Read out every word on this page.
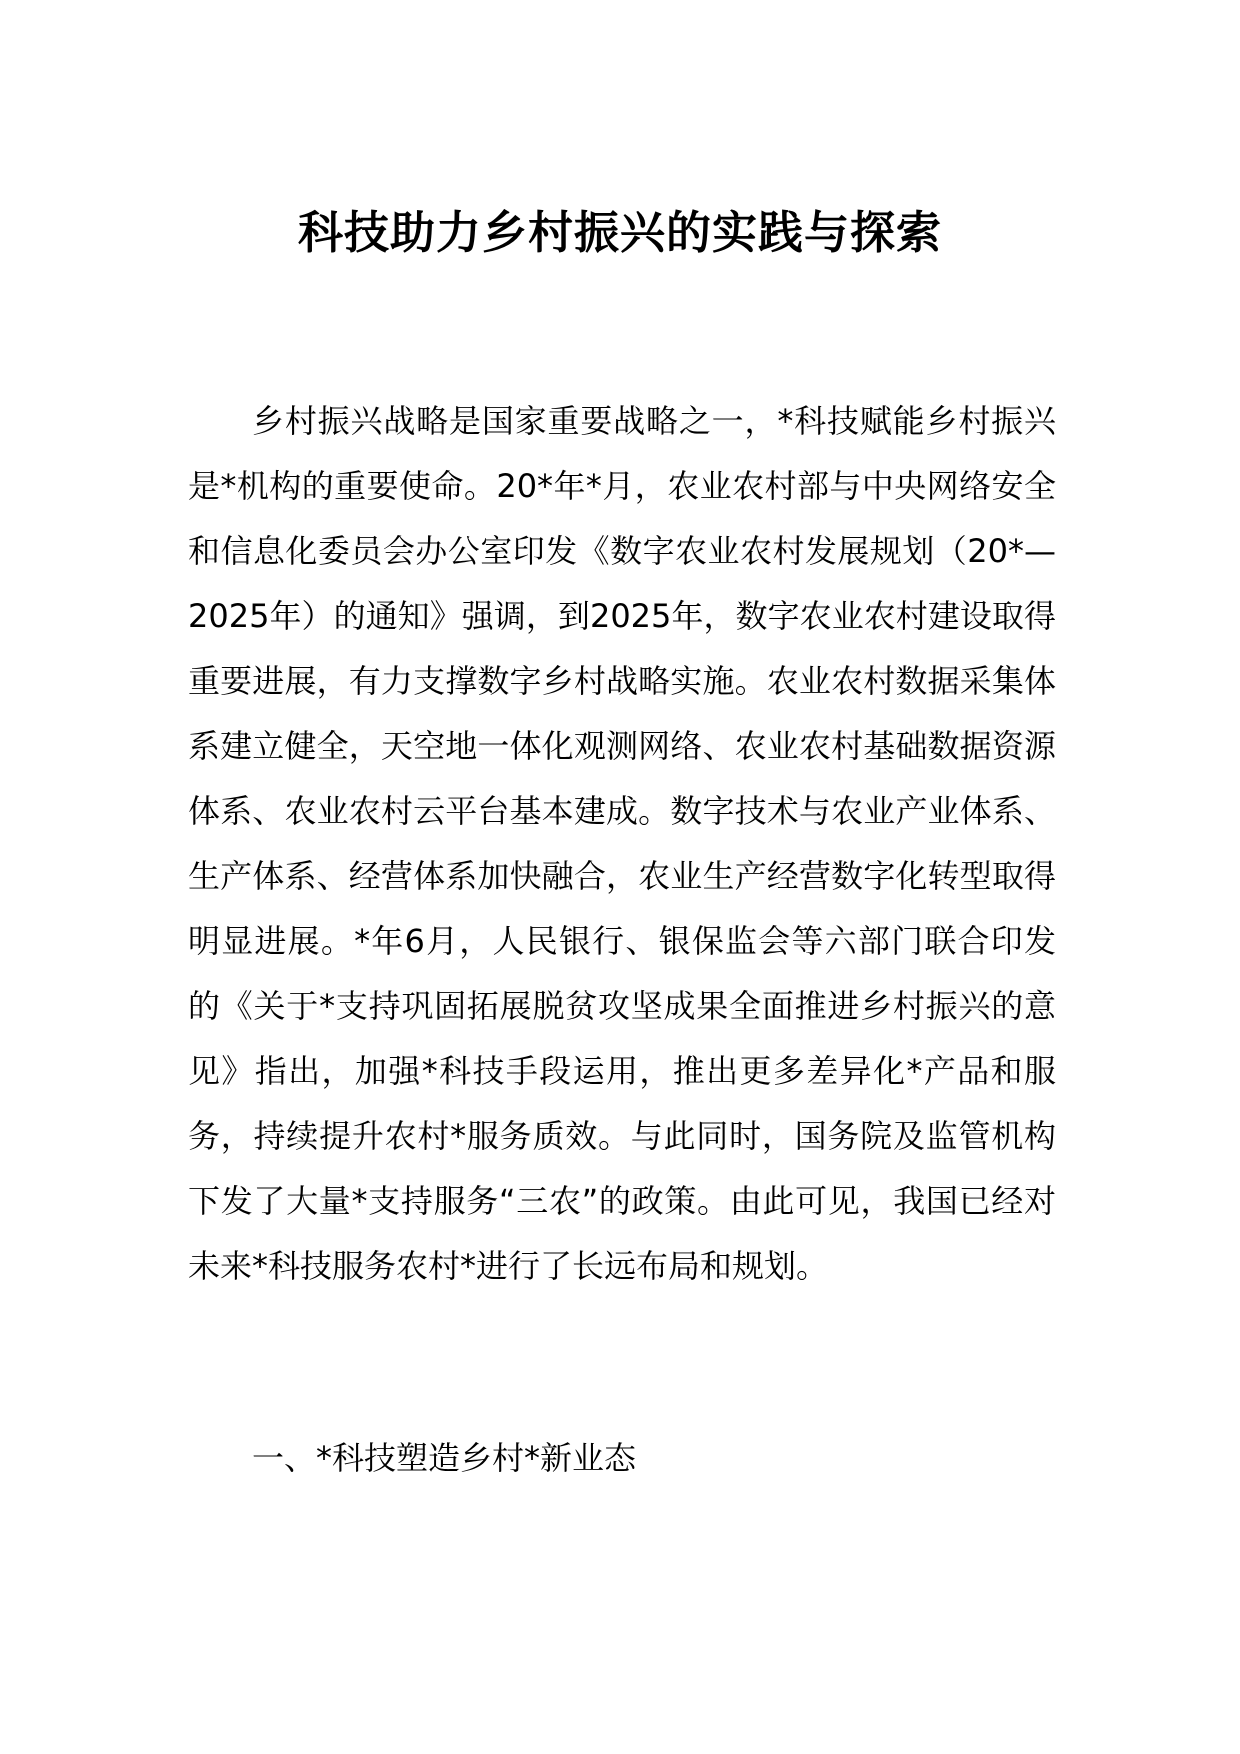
科技助力乡村振兴的实践与探索

乡村振兴战略是国家重要战略之一，*科技赋能乡村振兴是*机构的重要使命。20*年*月，农业农村部与中央网络安全和信息化委员会办公室印发《数字农业农村发展规划（20*—2025年）的通知》强调，到2025年，数字农业农村建设取得重要进展，有力支撑数字乡村战略实施。农业农村数据采集体系建立健全，天空地一体化观测网络、农业农村基础数据资源体系、农业农村云平台基本建成。数字技术与农业产业体系、生产体系、经营体系加快融合，农业生产经营数字化转型取得明显进展。*年6月，人民银行、银保监会等六部门联合印发的《关于*支持巩固拓展脱贫攻坚成果全面推进乡村振兴的意见》指出，加强*科技手段运用，推出更多差异化*产品和服务，持续提升农村*服务质效。与此同时，国务院及监管机构下发了大量*支持服务“三农”的政策。由此可见，我国已经对未来*科技服务农村*进行了长远布局和规划。

一、*科技塑造乡村*新业态
